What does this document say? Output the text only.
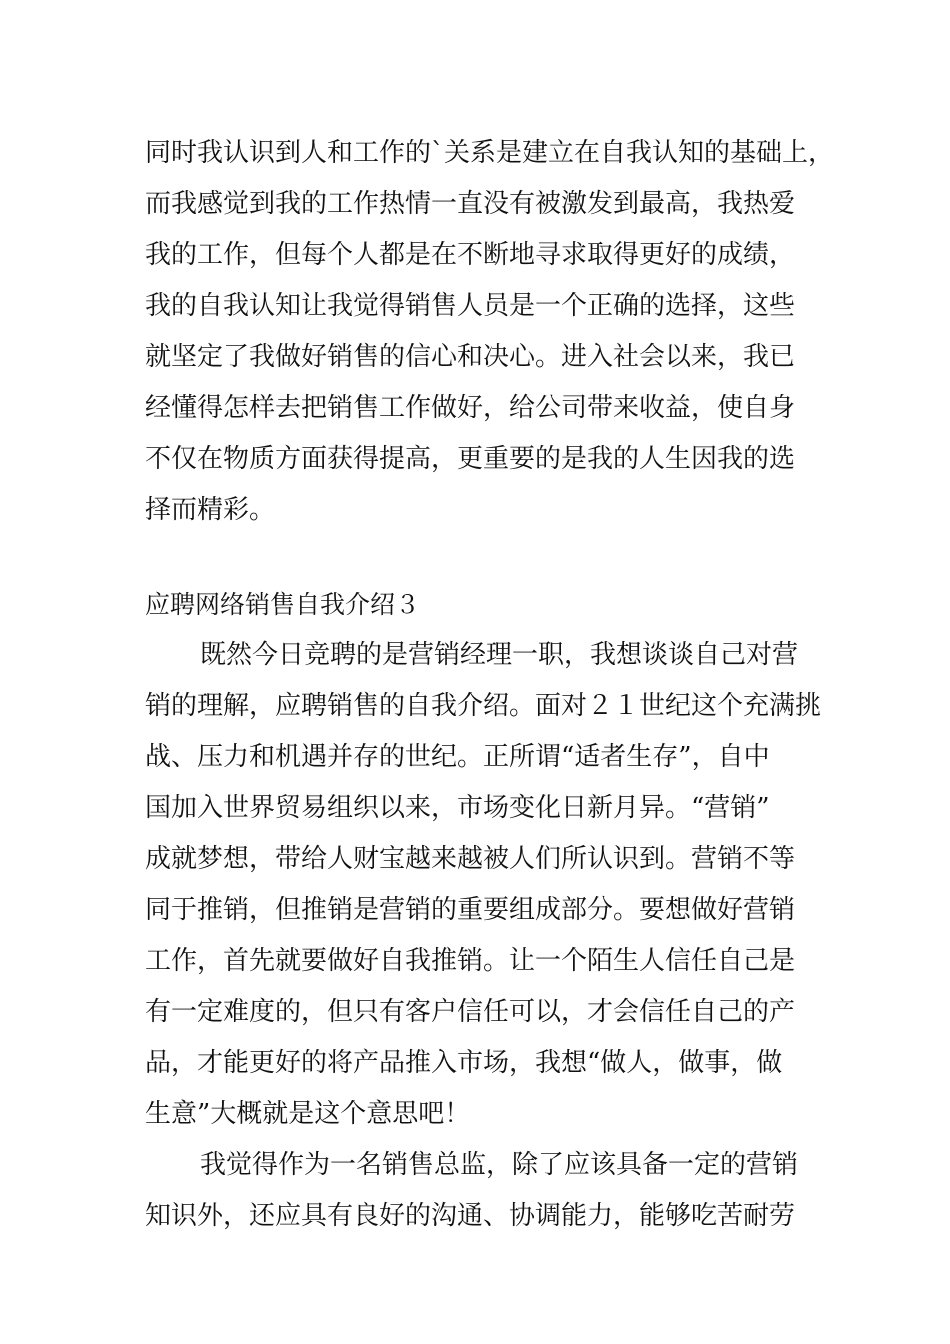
同时我认识到人和工作的`关系是建立在自我认知的基础上，
而我感觉到我的工作热情一直没有被激发到最高，我热爱
我的工作，但每个人都是在不断地寻求取得更好的成绩，
我的自我认知让我觉得销售人员是一个正确的选择，这些
就坚定了我做好销售的信心和决心。进入社会以来，我已
经懂得怎样去把销售工作做好，给公司带来收益，使自身
不仅在物质方面获得提高，更重要的是我的人生因我的选
择而精彩。
应聘网络销售自我介绍３
既然今日竞聘的是营销经理一职，我想谈谈自己对营
销的理解，应聘销售的自我介绍。面对２１世纪这个充满挑
战、压力和机遇并存的世纪。正所谓“适者生存”，自中
国加入世界贸易组织以来，市场变化日新月异。“营销”
成就梦想，带给人财宝越来越被人们所认识到。营销不等
同于推销，但推销是营销的重要组成部分。要想做好营销
工作，首先就要做好自我推销。让一个陌生人信任自己是
有一定难度的，但只有客户信任可以，才会信任自己的产
品，才能更好的将产品推入市场，我想“做人，做事，做
生意”大概就是这个意思吧！
我觉得作为一名销售总监，除了应该具备一定的营销
知识外，还应具有良好的沟通、协调能力，能够吃苦耐劳
